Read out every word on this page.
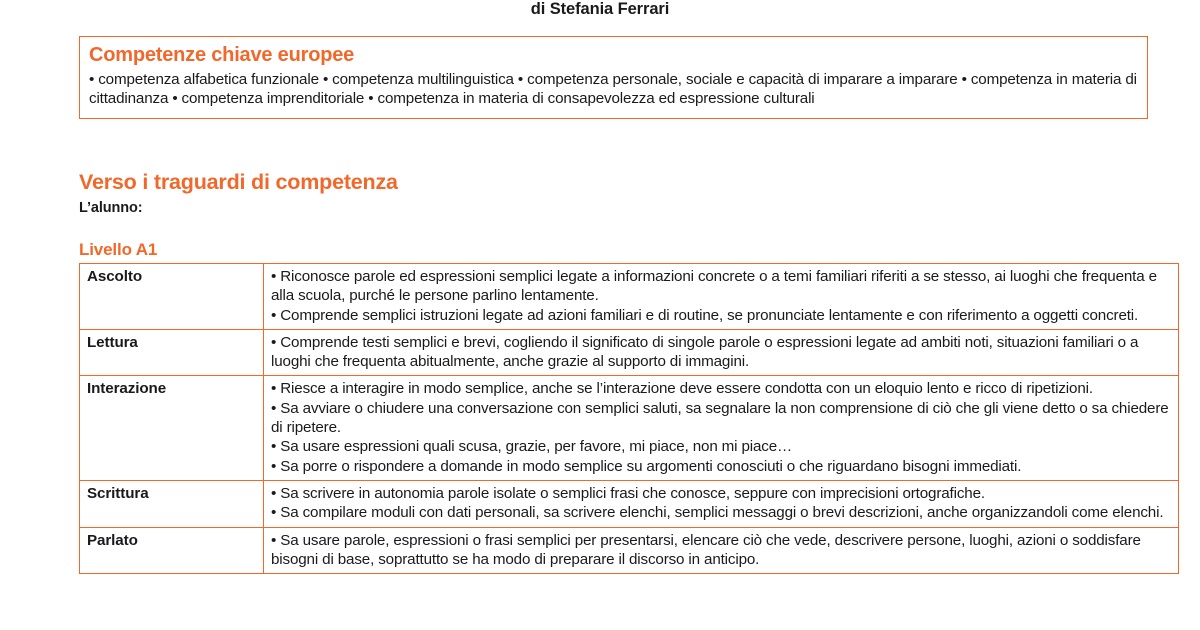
di Stefania Ferrari
Competenze chiave europee
• competenza alfabetica funzionale • competenza multilinguistica • competenza personale, sociale e capacità di imparare a imparare • competenza in materia di cittadinanza • competenza imprenditoriale • competenza in materia di consapevolezza ed espressione culturali
Verso i traguardi di competenza
L’alunno:
Livello A1
Ascolto	• Riconosce parole ed espressioni semplici legate a informazioni concrete o a temi familiari riferiti a se stesso, ai luoghi che frequenta e alla scuola, purché le persone parlino lentamente.

• Comprende semplici istruzioni legate ad azioni familiari e di routine, se pronunciate lentamente e con riferimento a oggetti concreti.

Lettura	• Comprende testi semplici e brevi, cogliendo il significato di singole parole o espressioni legate ad ambiti noti, situazioni familiari o a luoghi che frequenta abitualmente, anche grazie al supporto di immagini.

Interazione	• Riesce a interagire in modo semplice, anche se l’interazione deve essere condotta con un eloquio lento e ricco di ripetizioni.

• Sa avviare o chiudere una conversazione con semplici saluti, sa segnalare la non comprensione di ciò che gli viene detto o sa chiedere di ripetere.

• Sa usare espressioni quali scusa, grazie, per favore, mi piace, non mi piace…

• Sa porre o rispondere a domande in modo semplice su argomenti conosciuti o che riguardano bisogni immediati.

Scrittura	• Sa scrivere in autonomia parole isolate o semplici frasi che conosce, seppure con imprecisioni ortografiche.

• Sa compilare moduli con dati personali, sa scrivere elenchi, semplici messaggi o brevi descrizioni, anche organizzandoli come elenchi.

Parlato	• Sa usare parole, espressioni o frasi semplici per presentarsi, elencare ciò che vede, descrivere persone, luoghi, azioni o soddisfare bisogni di base, soprattutto se ha modo di preparare il discorso in anticipo.
